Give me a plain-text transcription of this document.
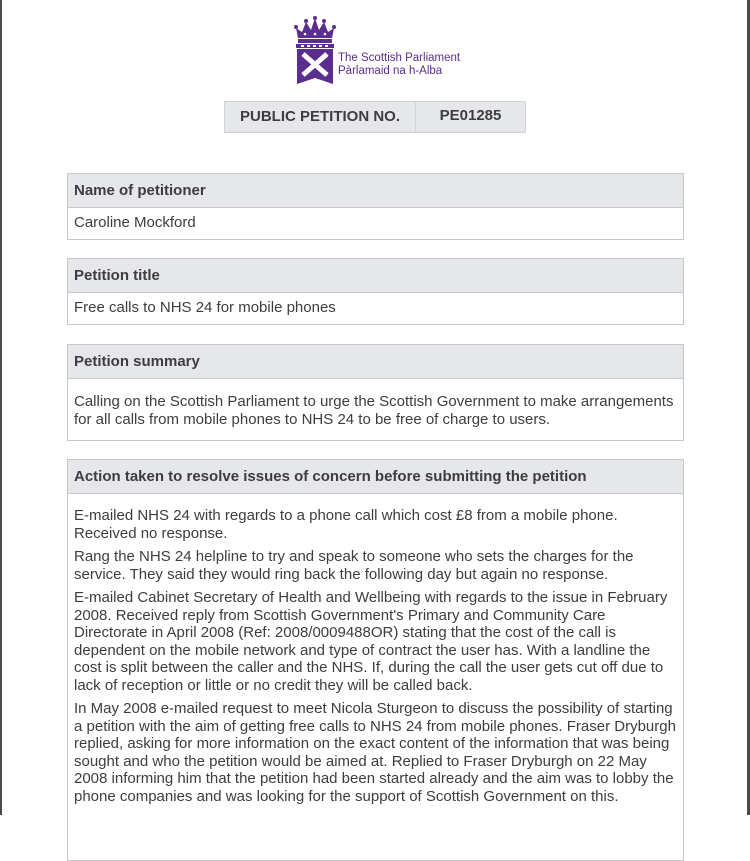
The Scottish Parliament
Pàrlamaid na h-Alba
PUBLIC PETITION NO.	PE01285
Name of petitioner

Caroline Mockford

Petition title

Free calls to NHS 24 for mobile phones

Petition summary

Calling on the Scottish Parliament to urge the Scottish Government to make arrangements for all calls from mobile phones to NHS 24 to be free of charge to users.

Action taken to resolve issues of concern before submitting the petition

E-mailed NHS 24 with regards to a phone call which cost £8 from a mobile phone. Received no response.

Rang the NHS 24 helpline to try and speak to someone who sets the charges for the service. They said they would ring back the following day but again no response.

E-mailed Cabinet Secretary of Health and Wellbeing with regards to the issue in February 2008. Received reply from Scottish Government's Primary and Community Care Directorate in April 2008 (Ref: 2008/0009488OR) stating that the cost of the call is dependent on the mobile network and type of contract the user has. With a landline the cost is split between the caller and the NHS. If, during the call the user gets cut off due to lack of reception or little or no credit they will be called back.

In May 2008 e-mailed request to meet Nicola Sturgeon to discuss the possibility of starting a petition with the aim of getting free calls to NHS 24 from mobile phones. Fraser Dryburgh replied, asking for more information on the exact content of the information that was being sought and who the petition would be aimed at. Replied to Fraser Dryburgh on 22 May 2008 informing him that the petition had been started already and the aim was to lobby the phone companies and was looking for the support of Scottish Government on this.
